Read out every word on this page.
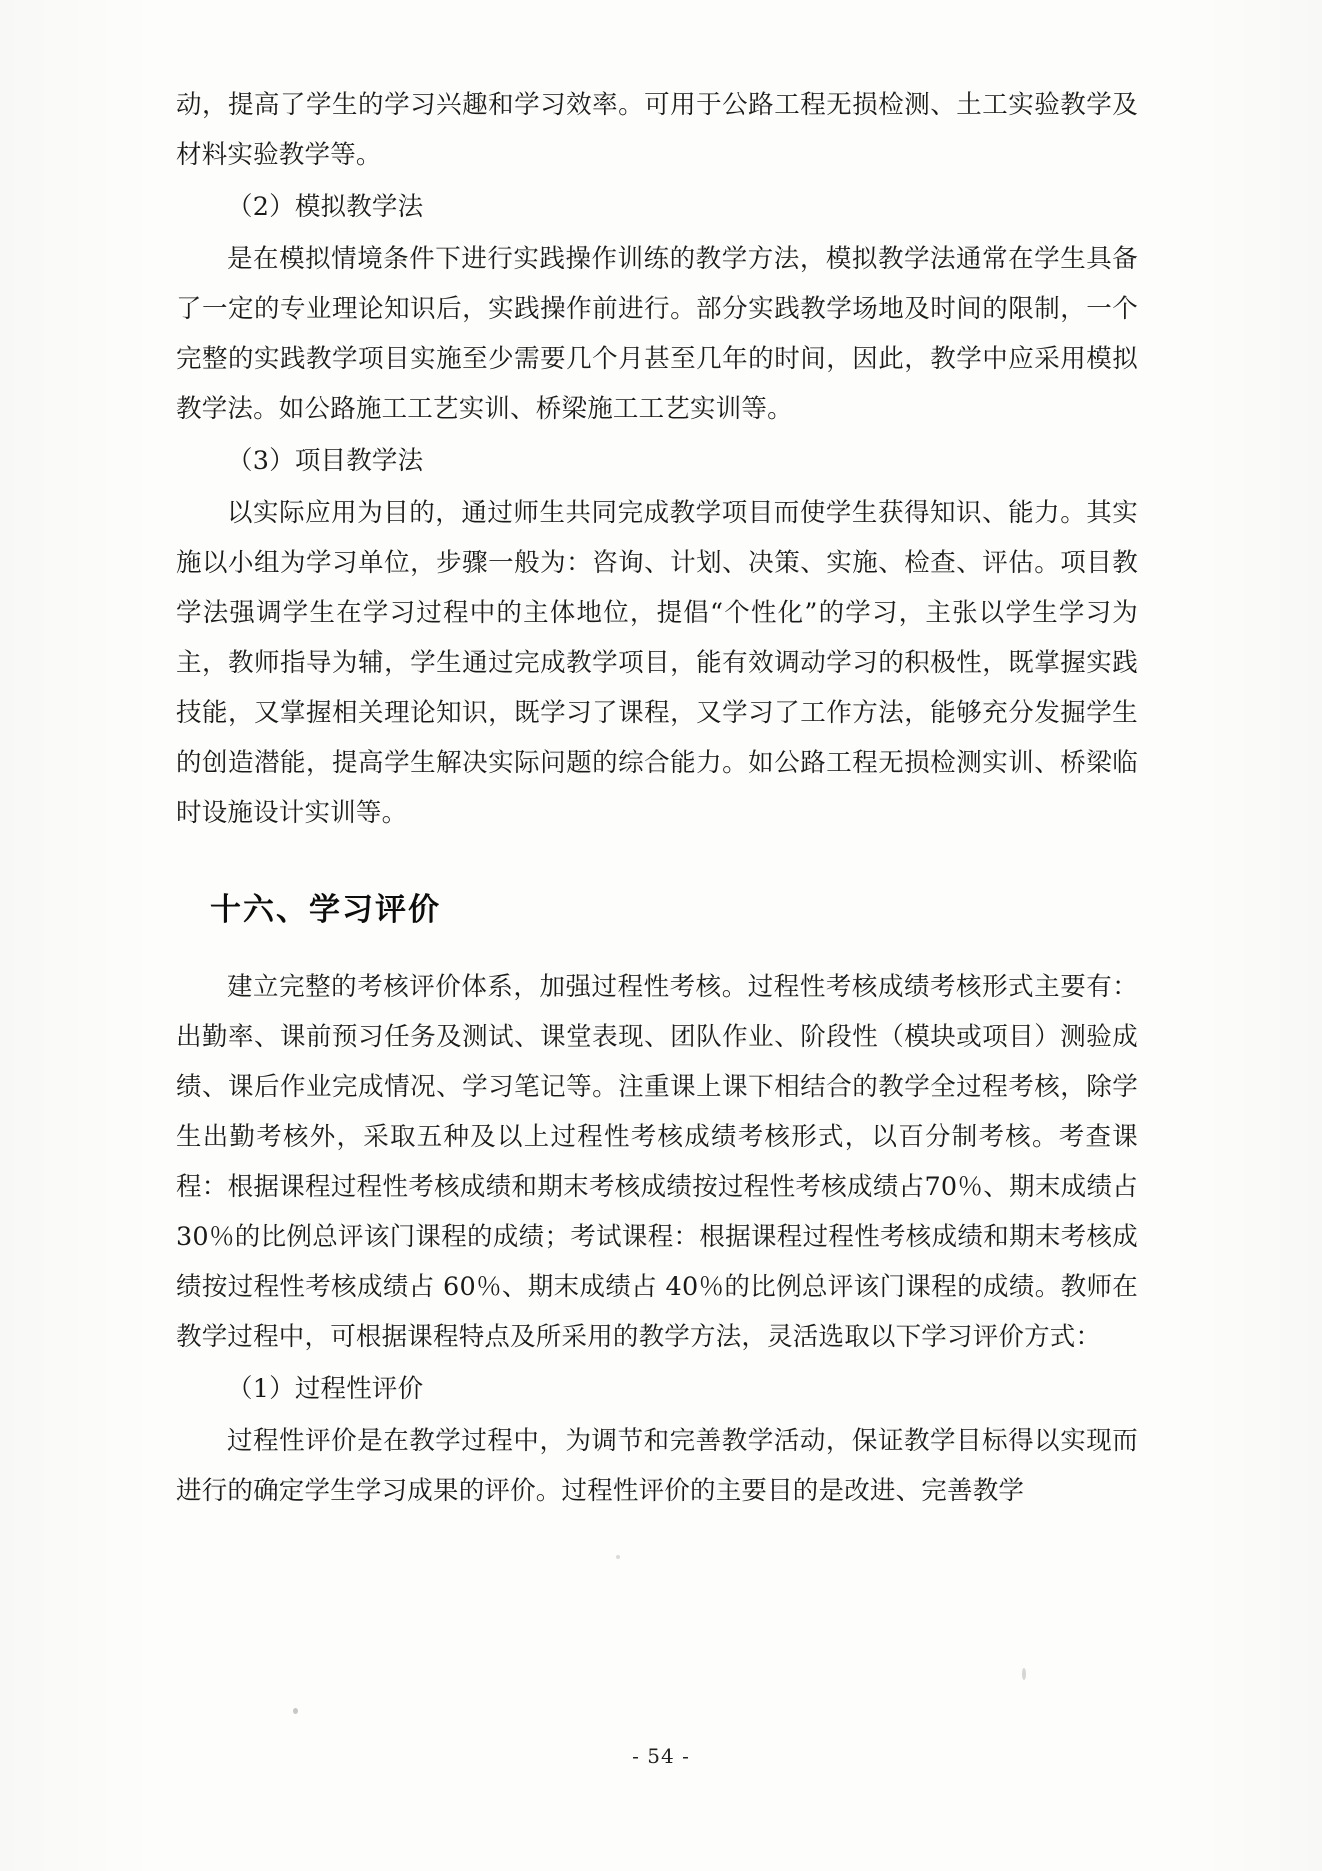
动，提高了学生的学习兴趣和学习效率。可用于公路工程无损检测、土工实验教学及材料实验教学等。

（2）模拟教学法

是在模拟情境条件下进行实践操作训练的教学方法，模拟教学法通常在学生具备了一定的专业理论知识后，实践操作前进行。部分实践教学场地及时间的限制，一个完整的实践教学项目实施至少需要几个月甚至几年的时间，因此，教学中应采用模拟教学法。如公路施工工艺实训、桥梁施工工艺实训等。

（3）项目教学法

以实际应用为目的，通过师生共同完成教学项目而使学生获得知识、能力。其实施以小组为学习单位，步骤一般为：咨询、计划、决策、实施、检查、评估。项目教学法强调学生在学习过程中的主体地位，提倡“个性化”的学习，主张以学生学习为主，教师指导为辅，学生通过完成教学项目，能有效调动学习的积极性，既掌握实践技能，又掌握相关理论知识，既学习了课程，又学习了工作方法，能够充分发掘学生的创造潜能，提高学生解决实际问题的综合能力。如公路工程无损检测实训、桥梁临时设施设计实训等。

十六、学习评价

建立完整的考核评价体系，加强过程性考核。过程性考核成绩考核形式主要有：出勤率、课前预习任务及测试、课堂表现、团队作业、阶段性（模块或项目）测验成绩、课后作业完成情况、学习笔记等。注重课上课下相结合的教学全过程考核，除学生出勤考核外，采取五种及以上过程性考核成绩考核形式，以百分制考核。考查课程：根据课程过程性考核成绩和期末考核成绩按过程性考核成绩占70％、期末成绩占 30％的比例总评该门课程的成绩；考试课程：根据课程过程性考核成绩和期末考核成绩按过程性考核成绩占 60％、期末成绩占 40％的比例总评该门课程的成绩。教师在教学过程中，可根据课程特点及所采用的教学方法，灵活选取以下学习评价方式：

（1）过程性评价

过程性评价是在教学过程中，为调节和完善教学活动，保证教学目标得以实现而进行的确定学生学习成果的评价。过程性评价的主要目的是改进、完善教学

- 54 -
